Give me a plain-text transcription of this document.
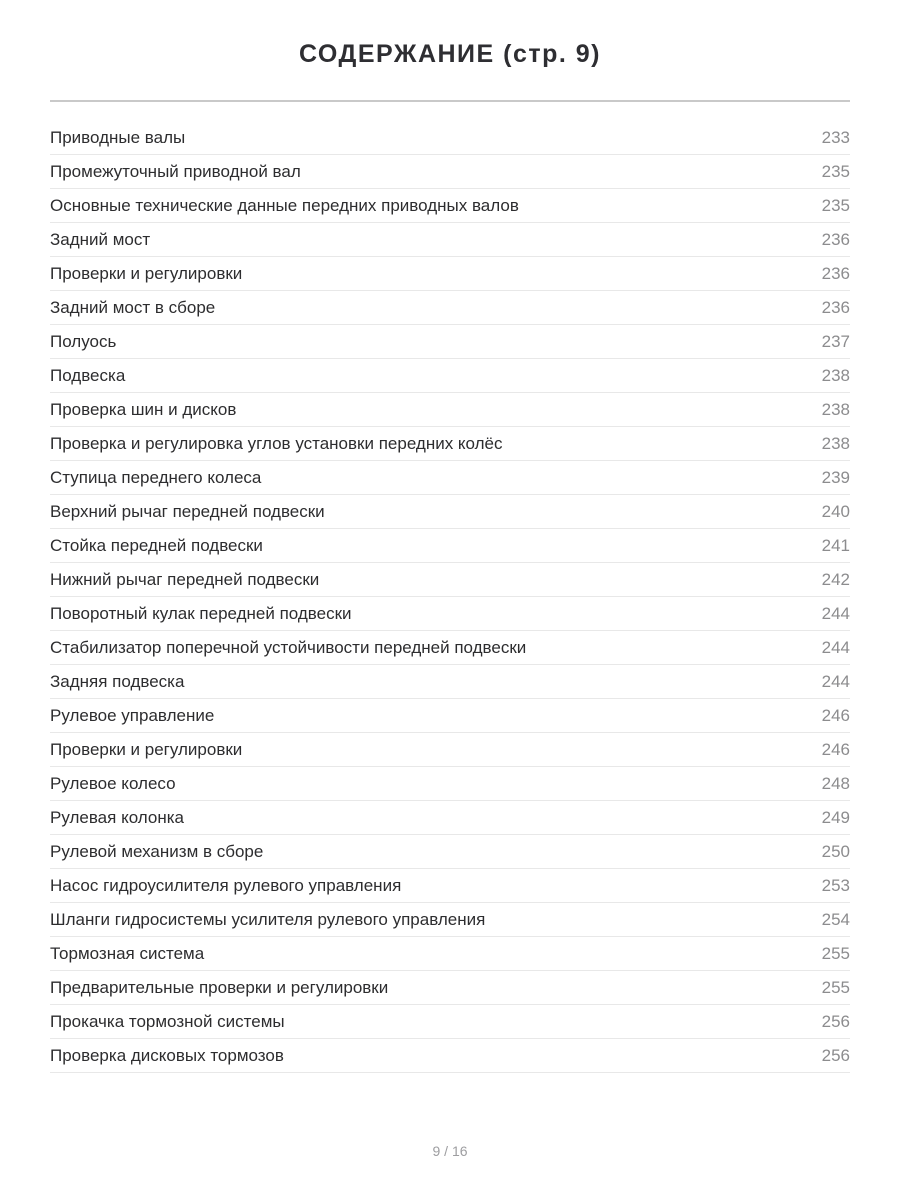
СОДЕРЖАНИЕ (стр. 9)
Приводные валы	233
Промежуточный приводной вал	235
Основные технические данные передних приводных валов	235
Задний мост	236
Проверки и регулировки	236
Задний мост в сборе	236
Полуось	237
Подвеска	238
Проверка шин и дисков	238
Проверка и регулировка углов установки передних колёс	238
Ступица переднего колеса	239
Верхний рычаг передней подвески	240
Стойка передней подвески	241
Нижний рычаг передней подвески	242
Поворотный кулак передней подвески	244
Стабилизатор поперечной устойчивости передней подвески	244
Задняя подвеска	244
Рулевое управление	246
Проверки и регулировки	246
Рулевое колесо	248
Рулевая колонка	249
Рулевой механизм в сборе	250
Насос гидроусилителя рулевого управления	253
Шланги гидросистемы усилителя рулевого управления	254
Тормозная система	255
Предварительные проверки и регулировки	255
Прокачка тормозной системы	256
Проверка дисковых тормозов	256
9 / 16
